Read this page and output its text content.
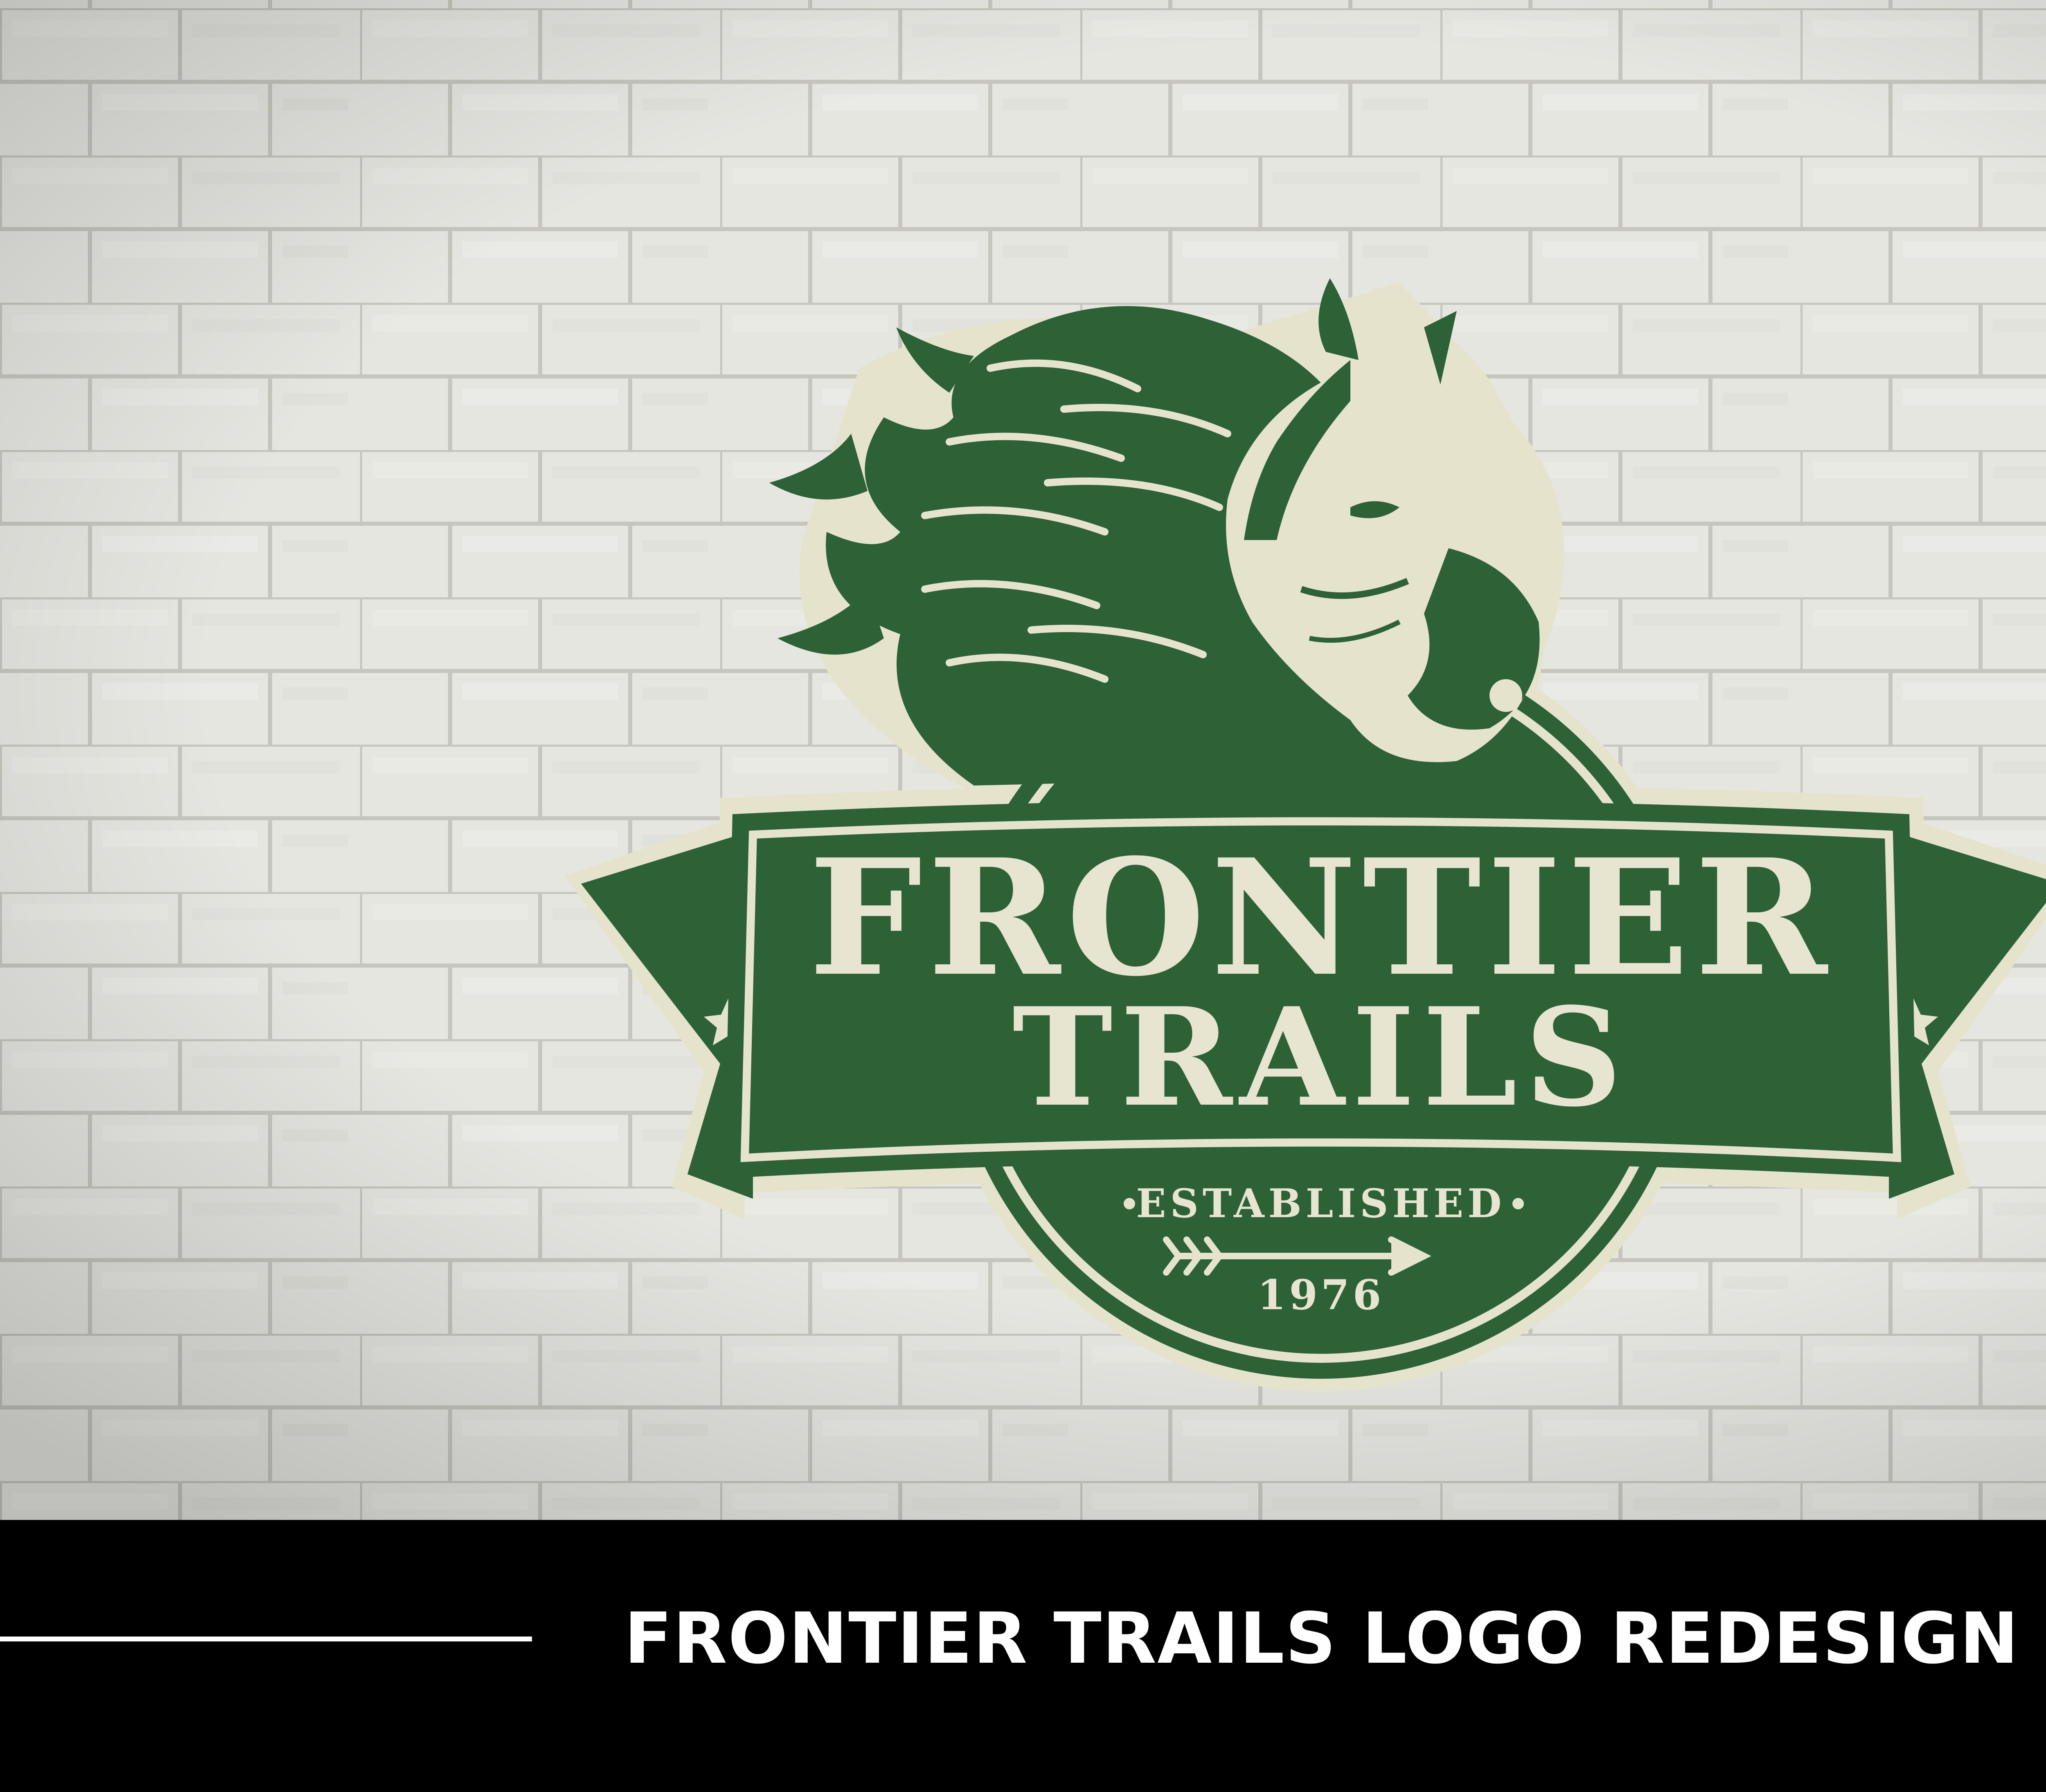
FRONTIER
TRAILS
ESTABLISHED
1976
FRONTIER TRAILS LOGO REDESIGN
